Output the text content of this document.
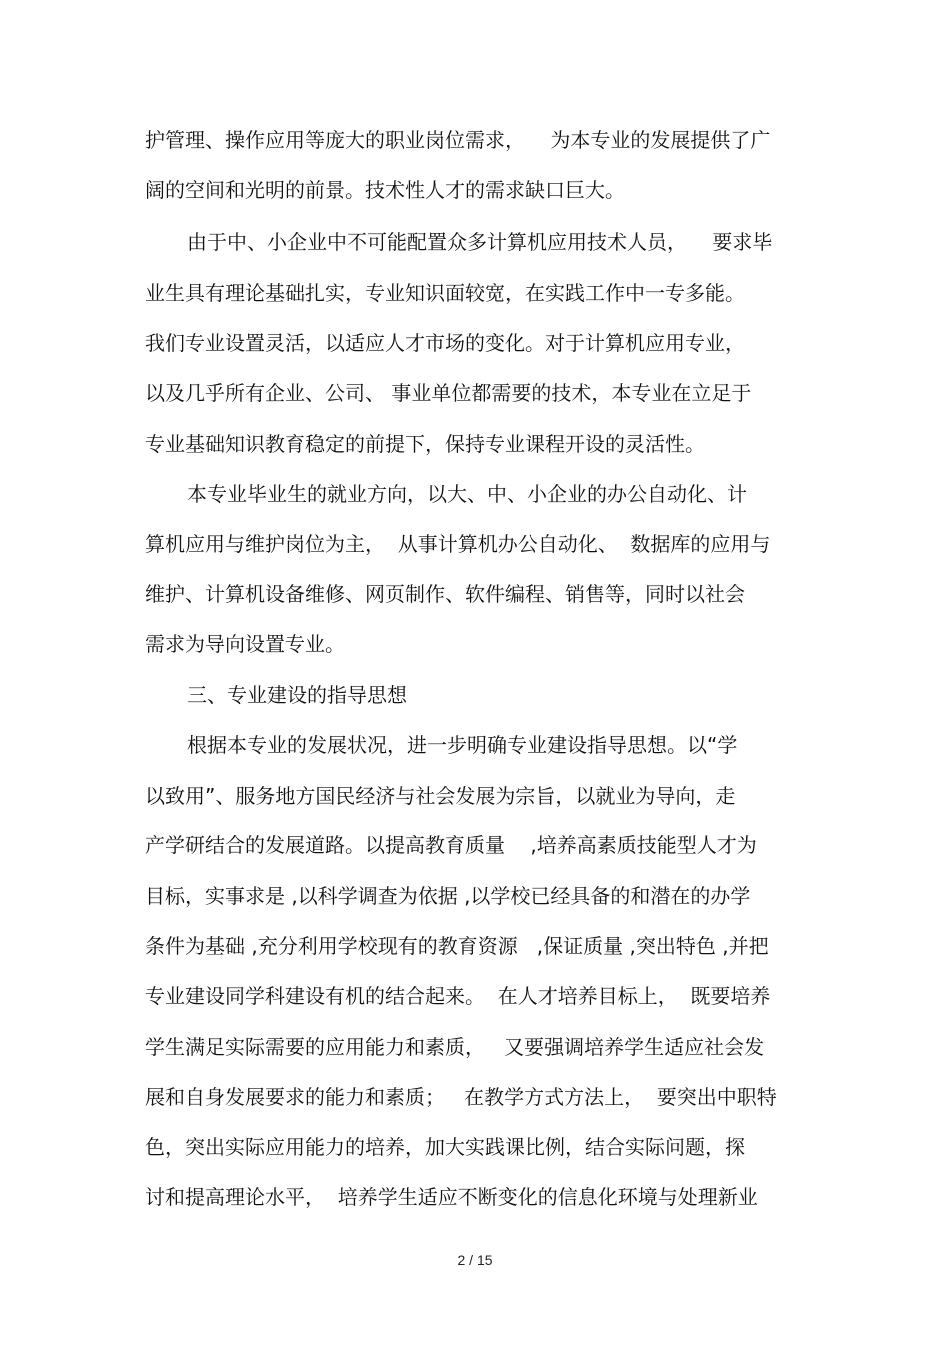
护管理、操作应用等庞大的职业岗位需求，    为本专业的发展提供了广
阔的空间和光明的前景。技术性人才的需求缺口巨大。
由于中、小企业中不可能配置众多计算机应用技术人员，    要求毕
业生具有理论基础扎实，专业知识面较宽，在实践工作中一专多能。
我们专业设置灵活，以适应人才市场的变化。对于计算机应用专业，
以及几乎所有企业、公司、 事业单位都需要的技术，本专业在立足于
专业基础知识教育稳定的前提下，保持专业课程开设的灵活性。
本专业毕业生的就业方向，以大、中、小企业的办公自动化、计
算机应用与维护岗位为主，  从事计算机办公自动化、  数据库的应用与
维护、计算机设备维修、网页制作、软件编程、销售等，同时以社会
需求为导向设置专业。
三、专业建设的指导思想
根据本专业的发展状况，进一步明确专业建设指导思想。以“学
以致用”、服务地方国民经济与社会发展为宗旨，以就业为导向，走
产学研结合的发展道路。以提高教育质量    ,培养高素质技能型人才为
目标，实事求是 ,以科学调查为依据 ,以学校已经具备的和潜在的办学
条件为基础 ,充分利用学校现有的教育资源   ,保证质量 ,突出特色 ,并把
专业建设同学科建设有机的结合起来。  在人才培养目标上，  既要培养
学生满足实际需要的应用能力和素质，   又要强调培养学生适应社会发
展和自身发展要求的能力和素质；   在教学方式方法上，  要突出中职特
色，突出实际应用能力的培养，加大实践课比例，结合实际问题，探
讨和提高理论水平，  培养学生适应不断变化的信息化环境与处理新业
2 / 15
